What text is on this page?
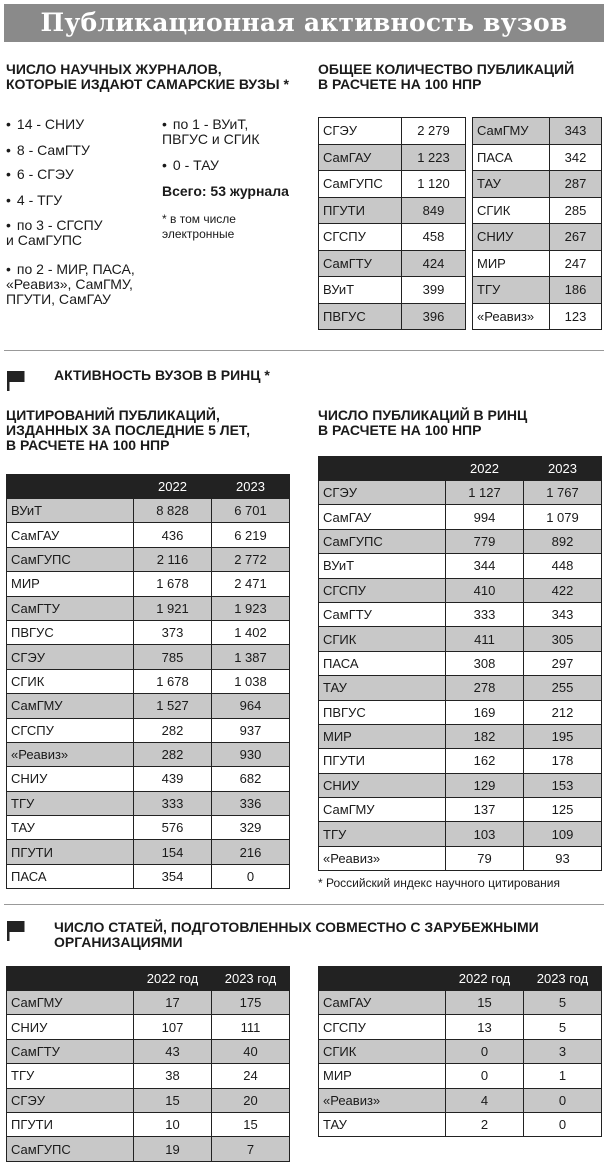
Публикационная активность вузов
ЧИСЛО НАУЧНЫХ ЖУРНАЛОВ,
КОТОРЫЕ ИЗДАЮТ САМАРСКИЕ ВУЗЫ *
• 14 - СНИУ
• 8 - СамГТУ
• 6 - СГЭУ
• 4 - ТГУ
• по 3 - СГСПУ
и СамГУПС
• по 2 - МИР, ПАСА,
«Реавиз», СамГМУ,
ПГУТИ, СамГАУ
• по 1 - ВУиТ,
ПВГУС и СГИК
• 0 - ТАУ
Всего: 53 журнала
* в том числе
электронные
ОБЩЕЕ КОЛИЧЕСТВО ПУБЛИКАЦИЙ
В РАСЧЕТЕ НА 100 НПР
СГЭУ	2 279
СамГАУ	1 223
СамГУПС	1 120
ПГУТИ	849
СГСПУ	458
СамГТУ	424
ВУиТ	399
ПВГУС	396
СамГМУ	343
ПАСА	342
ТАУ	287
СГИК	285
СНИУ	267
МИР	247
ТГУ	186
«Реавиз»	123
АКТИВНОСТЬ ВУЗОВ В РИНЦ *
ЦИТИРОВАНИЙ ПУБЛИКАЦИЙ,
ИЗДАННЫХ ЗА ПОСЛЕДНИЕ 5 ЛЕТ,
В РАСЧЕТЕ НА 100 НПР
ЧИСЛО ПУБЛИКАЦИЙ В РИНЦ
В РАСЧЕТЕ НА 100 НПР
	2022	2023
ВУиТ	8 828	6 701
СамГАУ	436	6 219
СамГУПС	2 116	2 772
МИР	1 678	2 471
СамГТУ	1 921	1 923
ПВГУС	373	1 402
СГЭУ	785	1 387
СГИК	1 678	1 038
СамГМУ	1 527	964
СГСПУ	282	937
«Реавиз»	282	930
СНИУ	439	682
ТГУ	333	336
ТАУ	576	329
ПГУТИ	154	216
ПАСА	354	0
	2022	2023
СГЭУ	1 127	1 767
СамГАУ	994	1 079
СамГУПС	779	892
ВУиТ	344	448
СГСПУ	410	422
СамГТУ	333	343
СГИК	411	305
ПАСА	308	297
ТАУ	278	255
ПВГУС	169	212
МИР	182	195
ПГУТИ	162	178
СНИУ	129	153
СамГМУ	137	125
ТГУ	103	109
«Реавиз»	79	93
* Российский индекс научного цитирования
ЧИСЛО СТАТЕЙ, ПОДГОТОВЛЕННЫХ СОВМЕСТНО С ЗАРУБЕЖНЫМИ
ОРГАНИЗАЦИЯМИ
	2022 год	2023 год
СамГМУ	17	175
СНИУ	107	111
СамГТУ	43	40
ТГУ	38	24
СГЭУ	15	20
ПГУТИ	10	15
СамГУПС	19	7
	2022 год	2023 год
СамГАУ	15	5
СГСПУ	13	5
СГИК	0	3
МИР	0	1
«Реавиз»	4	0
ТАУ	2	0
